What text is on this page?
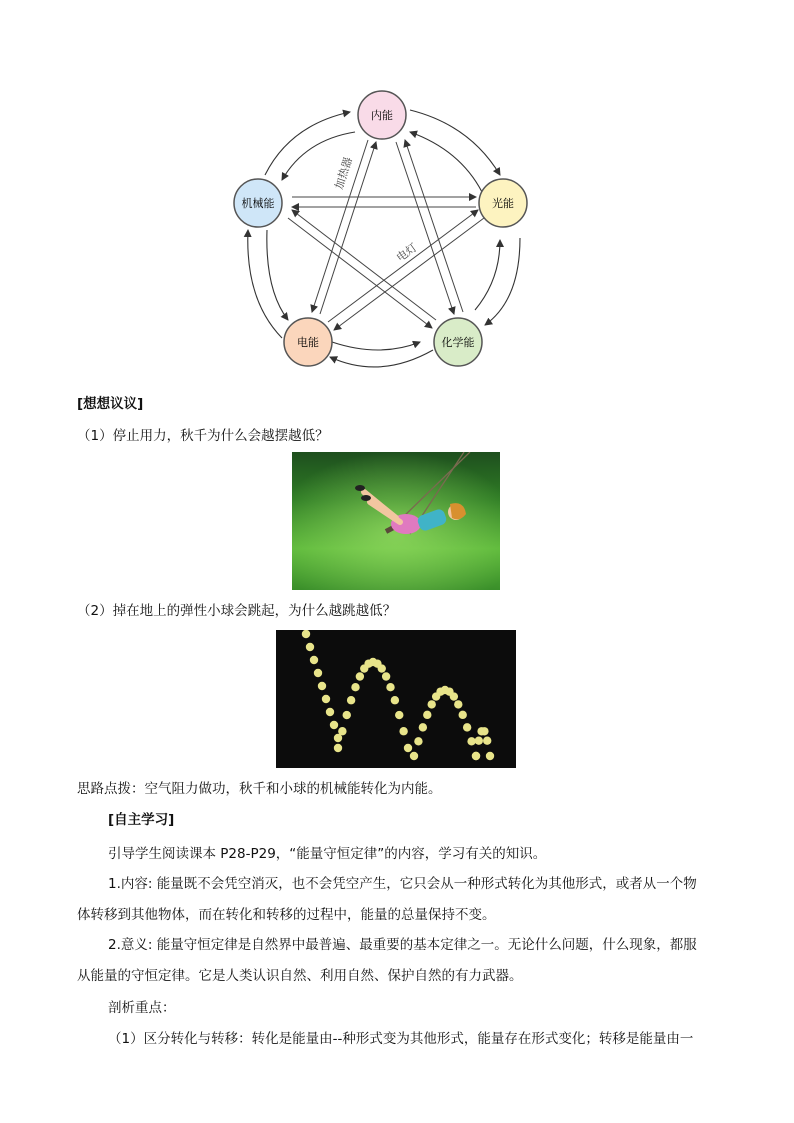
加热器
电灯
内能
光能
化学能
电能
机械能
[想想议议]
（1）停止用力，秋千为什么会越摆越低？
（2）掉在地上的弹性小球会跳起，为什么越跳越低？
思路点拨：空气阻力做功，秋千和小球的机械能转化为内能。
[自主学习]
引导学生阅读课本 P28-P29，“能量守恒定律”的内容，学习有关的知识。
1.内容: 能量既不会凭空消灭，也不会凭空产生，它只会从一种形式转化为其他形式，或者从一个物
体转移到其他物体，而在转化和转移的过程中，能量的总量保持不变。
2.意义: 能量守恒定律是自然界中最普遍、最重要的基本定律之一。无论什么问题，什么现象，都服
从能量的守恒定律。它是人类认识自然、利用自然、保护自然的有力武器。
剖析重点：
（1）区分转化与转移：转化是能量由--种形式变为其他形式，能量存在形式变化；转移是能量由一
